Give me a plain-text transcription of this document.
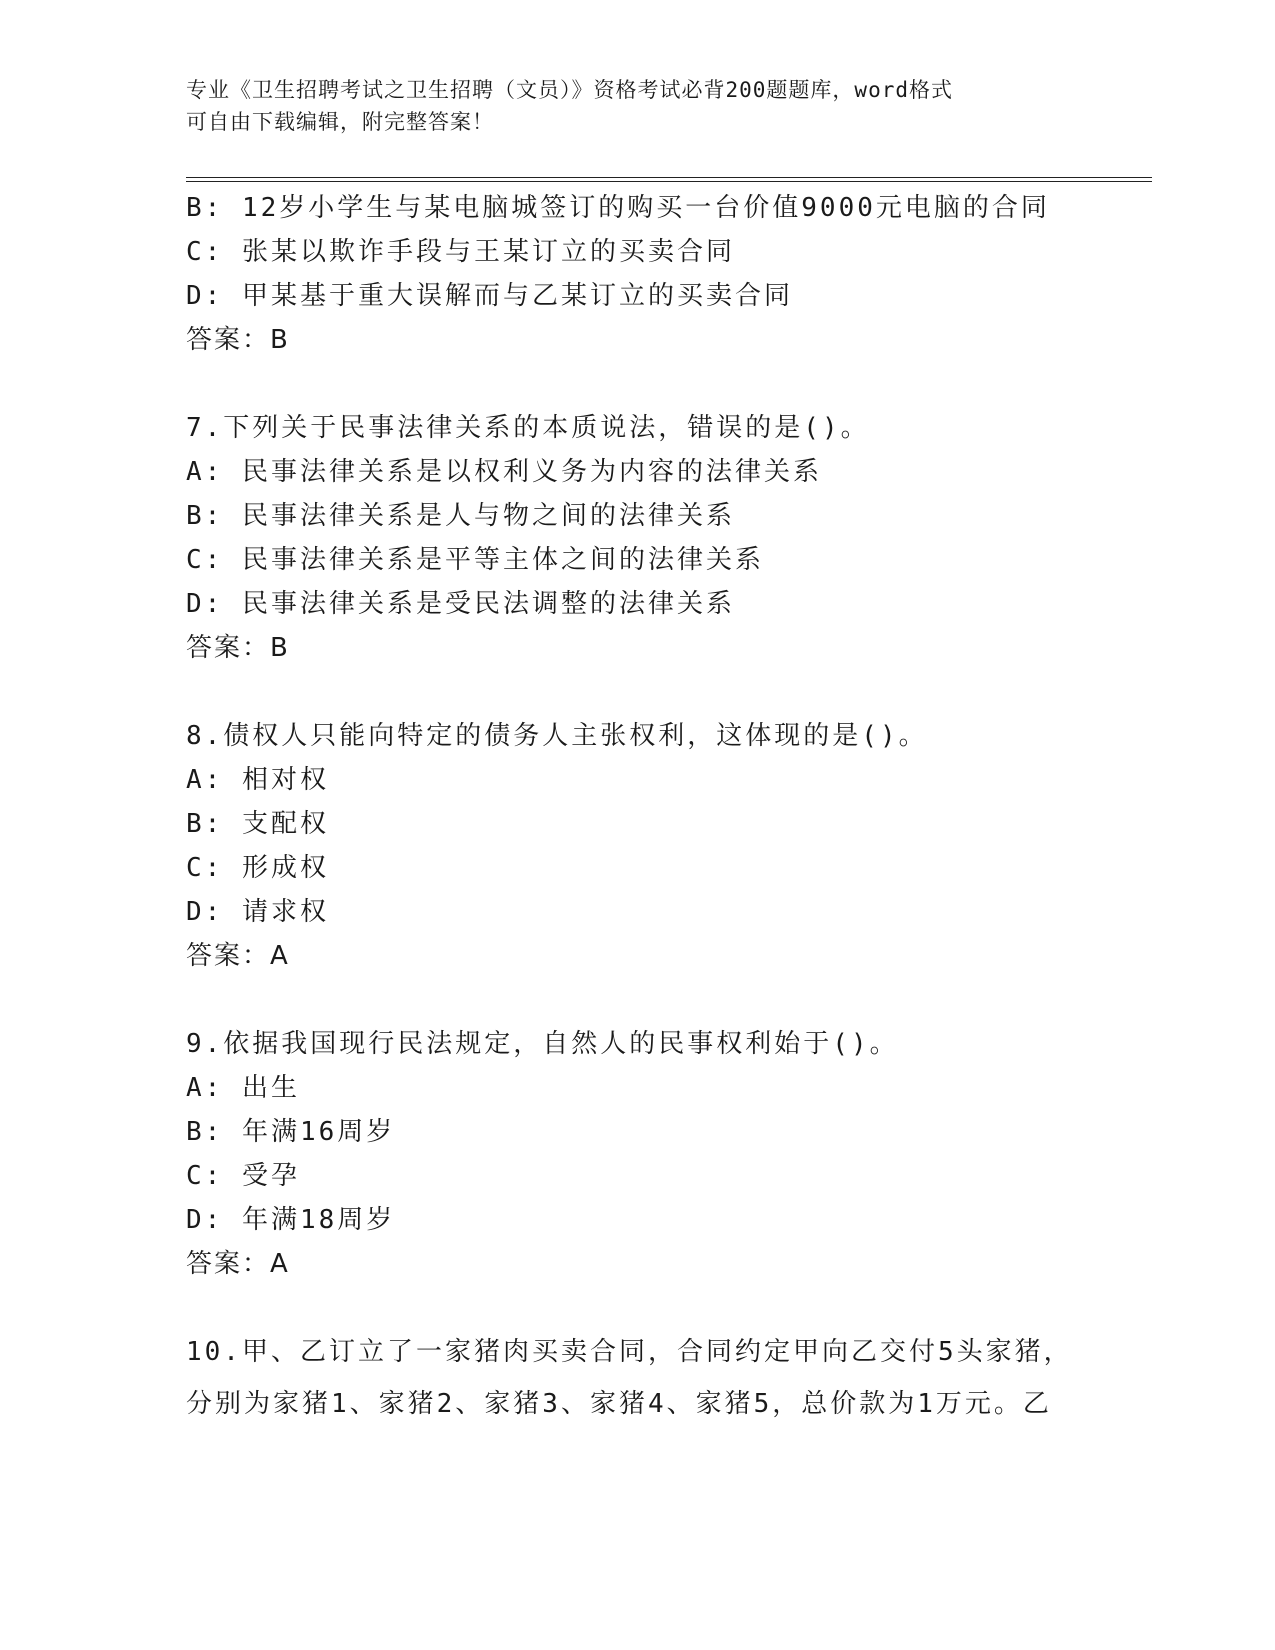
专业《卫生招聘考试之卫生招聘（文员）》资格考试必背200题题库，word格式
可自由下载编辑，附完整答案！
B: 12岁小学生与某电脑城签订的购买一台价值9000元电脑的合同
C: 张某以欺诈手段与王某订立的买卖合同
D: 甲某基于重大误解而与乙某订立的买卖合同
答案：B
7.下列关于民事法律关系的本质说法，错误的是()。
A: 民事法律关系是以权利义务为内容的法律关系
B: 民事法律关系是人与物之间的法律关系
C: 民事法律关系是平等主体之间的法律关系
D: 民事法律关系是受民法调整的法律关系
答案：B
8.债权人只能向特定的债务人主张权利，这体现的是()。
A: 相对权
B: 支配权
C: 形成权
D: 请求权
答案：A
9.依据我国现行民法规定，自然人的民事权利始于()。
A: 出生
B: 年满16周岁
C: 受孕
D: 年满18周岁
答案：A
10.甲、乙订立了一家猪肉买卖合同，合同约定甲向乙交付5头家猪，
分别为家猪1、家猪2、家猪3、家猪4、家猪5，总价款为1万元。乙
